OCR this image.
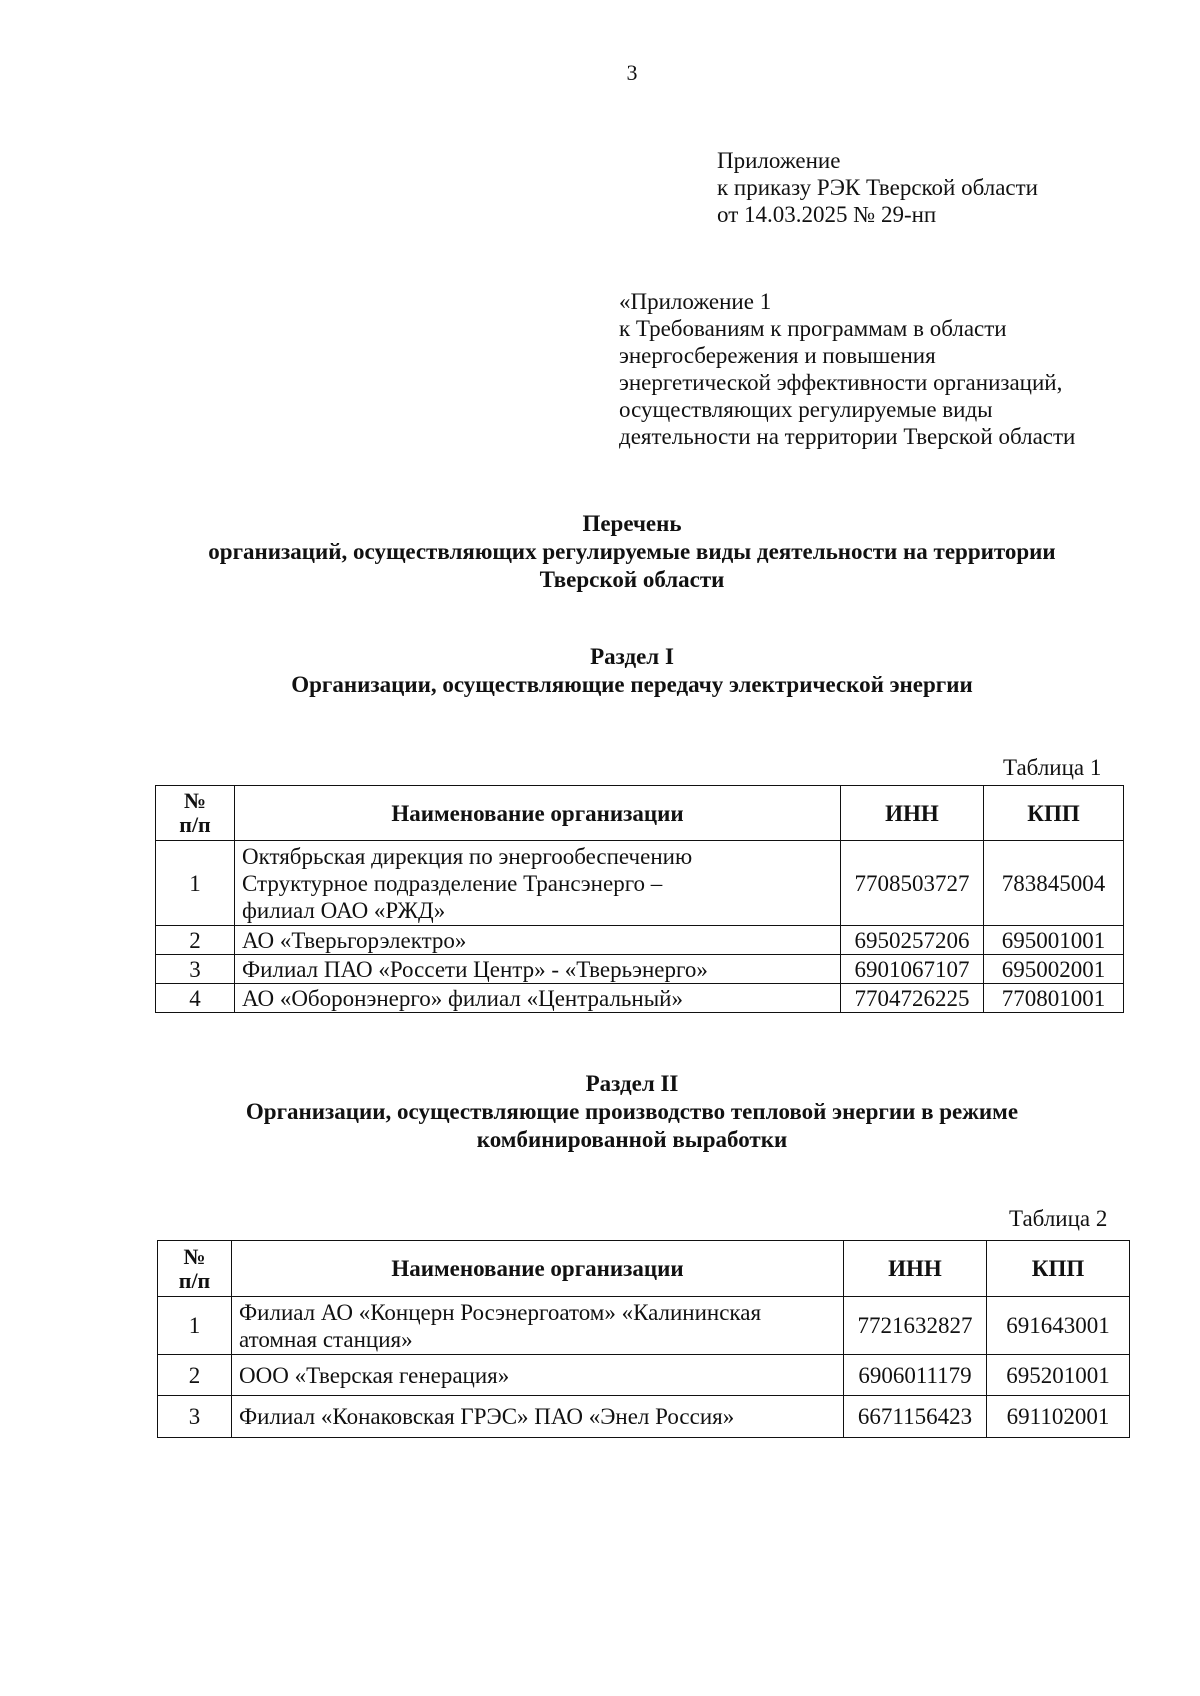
3
Приложение
к приказу РЭК Тверской области
от 14.03.2025 № 29-нп
«Приложение 1
к Требованиям к программам в области
энергосбережения и повышения
энергетической эффективности организаций,
осуществляющих регулируемые виды
деятельности на территории Тверской области
Перечень
организаций, осуществляющих регулируемые виды деятельности на территории
Тверской области
Раздел I
Организации, осуществляющие передачу электрической энергии
Таблица 1
№
п/п	Наименование организации	ИНН	КПП
1	Октябрьская дирекция по энергообеспечению
Структурное подразделение Трансэнерго –
филиал ОАО «РЖД»	7708503727	783845004
2	АО «Тверьгорэлектро»	6950257206	695001001
3	Филиал ПАО «Россети Центр» - «Тверьэнерго»	6901067107	695002001
4	АО «Оборонэнерго» филиал «Центральный»	7704726225	770801001
Раздел II
Организации, осуществляющие производство тепловой энергии в режиме
комбинированной выработки
Таблица 2
№
п/п	Наименование организации	ИНН	КПП
1	Филиал АО «Концерн Росэнергоатом» «Калининская
атомная станция»	7721632827	691643001
2	ООО «Тверская генерация»	6906011179	695201001
3	Филиал «Конаковская ГРЭС» ПАО «Энел Россия»	6671156423	691102001
